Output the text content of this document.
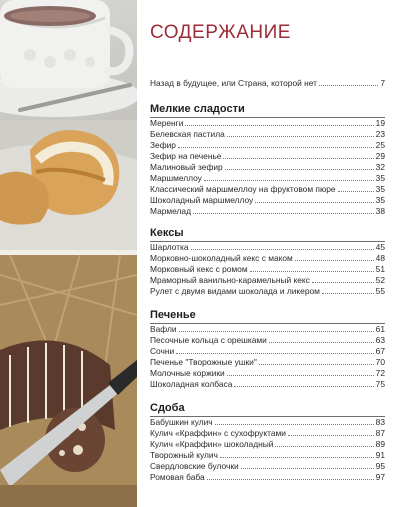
СОДЕРЖАНИЕ
Назад в будущее, или Страна, которой нет	7
Мелкие сладости
Меренги	19
Белевская пастила	23
Зефир	25
Зефир на печенье	29
Малиновый зефир	32
Маршмеллоу	35
Классический маршмеллоу на фруктовом пюре	35
Шоколадный маршмеллоу	35
Мармелад	38
Кексы
Шарлотка	45
Морковно-шоколадный кекс с маком	48
Морковный кекс с ромом	51
Мраморный ванильно-карамельный кекс	52
Рулет с двумя видами шоколада и ликером	55
Печенье
Вафли	61
Песочные кольца с орешками	63
Сочни	67
Печенье "Творожные ушки"	70
Молочные коржики	72
Шоколадная колбаса	75
Сдоба
Бабушкин кулич	83
Кулич «Краффин» с сухофруктами	87
Кулич «Краффин» шоколадный	89
Творожный кулич	91
Свердловские булочки	95
Ромовая баба	97
